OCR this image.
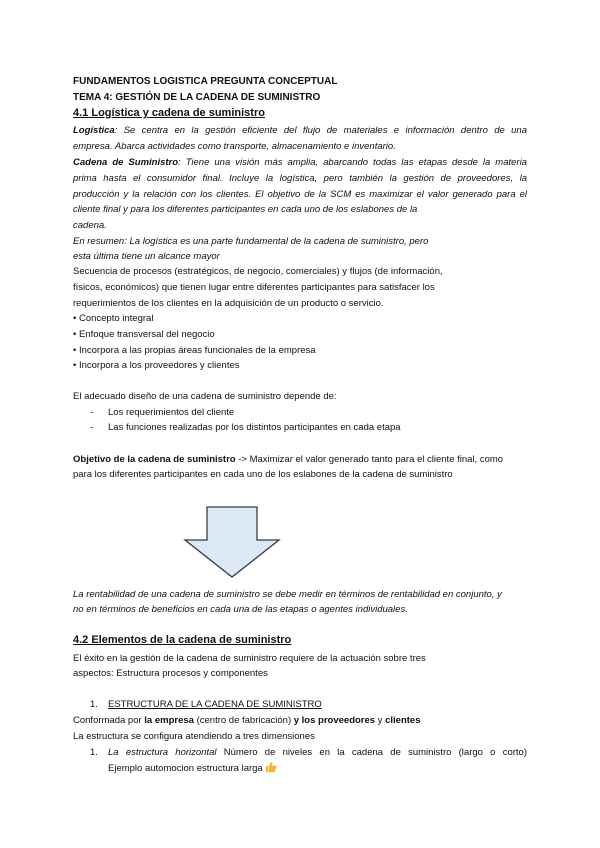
FUNDAMENTOS LOGISTICA PREGUNTA CONCEPTUAL
TEMA 4: GESTIÓN DE LA CADENA DE SUMINISTRO
4.1 Logística y cadena de suministro
Logística: Se centra en la gestión eficiente del flujo de materiales e información dentro de una
empresa. Abarca actividades como transporte, almacenamiento e inventario.
Cadena de Suministro: Tiene una visión más amplia, abarcando todas las etapas desde la materia
prima hasta el consumidor final. Incluye la logística, pero también la gestión de proveedores, la
producción y la relación con los clientes. El objetivo de la SCM es maximizar el valor generado para el
cliente final y para los diferentes participantes en cada uno de los eslabones de la
cadena.
En resumen: La logística es una parte fundamental de la cadena de suministro, pero
esta última tiene un alcance mayor
Secuencia de procesos (estratégicos, de negocio, comerciales) y flujos (de información,
físicos, económicos) que tienen lugar entre diferentes participantes para satisfacer los
requerimientos de los clientes en la adquisición de un producto o servicio.
• Concepto integral
• Enfoque transversal del negocio
• Incorpora a las propias áreas funcionales de la empresa
• Incorpora a los proveedores y clientes
El adecuado diseño de una cadena de suministro depende de:
- Los requerimientos del cliente
- Las funciones realizadas por los distintos participantes en cada etapa
Objetivo de la cadena de suministro -> Maximizar el valor generado tanto para el cliente final, como
para los diferentes participantes en cada uno de los eslabones de la cadena de suministro
La rentabilidad de una cadena de suministro se debe medir en términos de rentabilidad en conjunto, y
no en términos de beneficios en cada una de las etapas o agentes individuales.
4.2 Elementos de la cadena de suministro
El éxito en la gestión de la cadena de suministro requiere de la actuación sobre tres
aspectos: Estructura procesos y componentes
1. ESTRUCTURA DE LA CADENA DE SUMINISTRO
Conformada por la empresa (centro de fabricación) y los proveedores y clientes
La estructura se configura atendiendo a tres dimensiones
1. La estructura horizontal Número de niveles en la cadena de suministro (largo o corto)
Ejemplo automocion estructura larga
